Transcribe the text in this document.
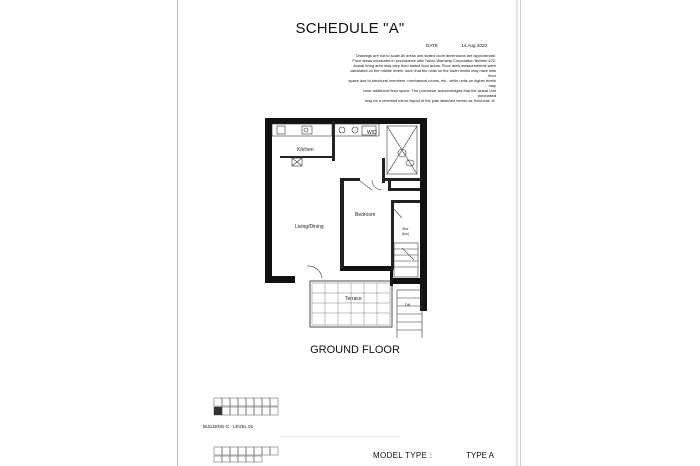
SCHEDULE "A"
DATE	14 Aug 2020
Drawings are not to scale All areas and stated room dimensions are approximate.
Floor areas measured in accordance with Tarion Warranty Corporation Bulletin #22.
Actual living area may vary from stated floor areas. Floor area measurements were
calculated on the middle levels, such that the units on the lower levels may have less floor
space due to structural members, mechanical rooms, etc.; while units on higher levels may
have additional floor space. The purchaser acknowledges that the actual Unit purchased
may be a reversed mirror layout of the plan attached hereto as Schedule 'A'.
Kitchen
Living/Dining
Bedroom
Terrace
W/D
Stor
(bw)
DN
GROUND FLOOR
BUILDING G - LEVEL 01
MODEL TYPE :	TYPE A
